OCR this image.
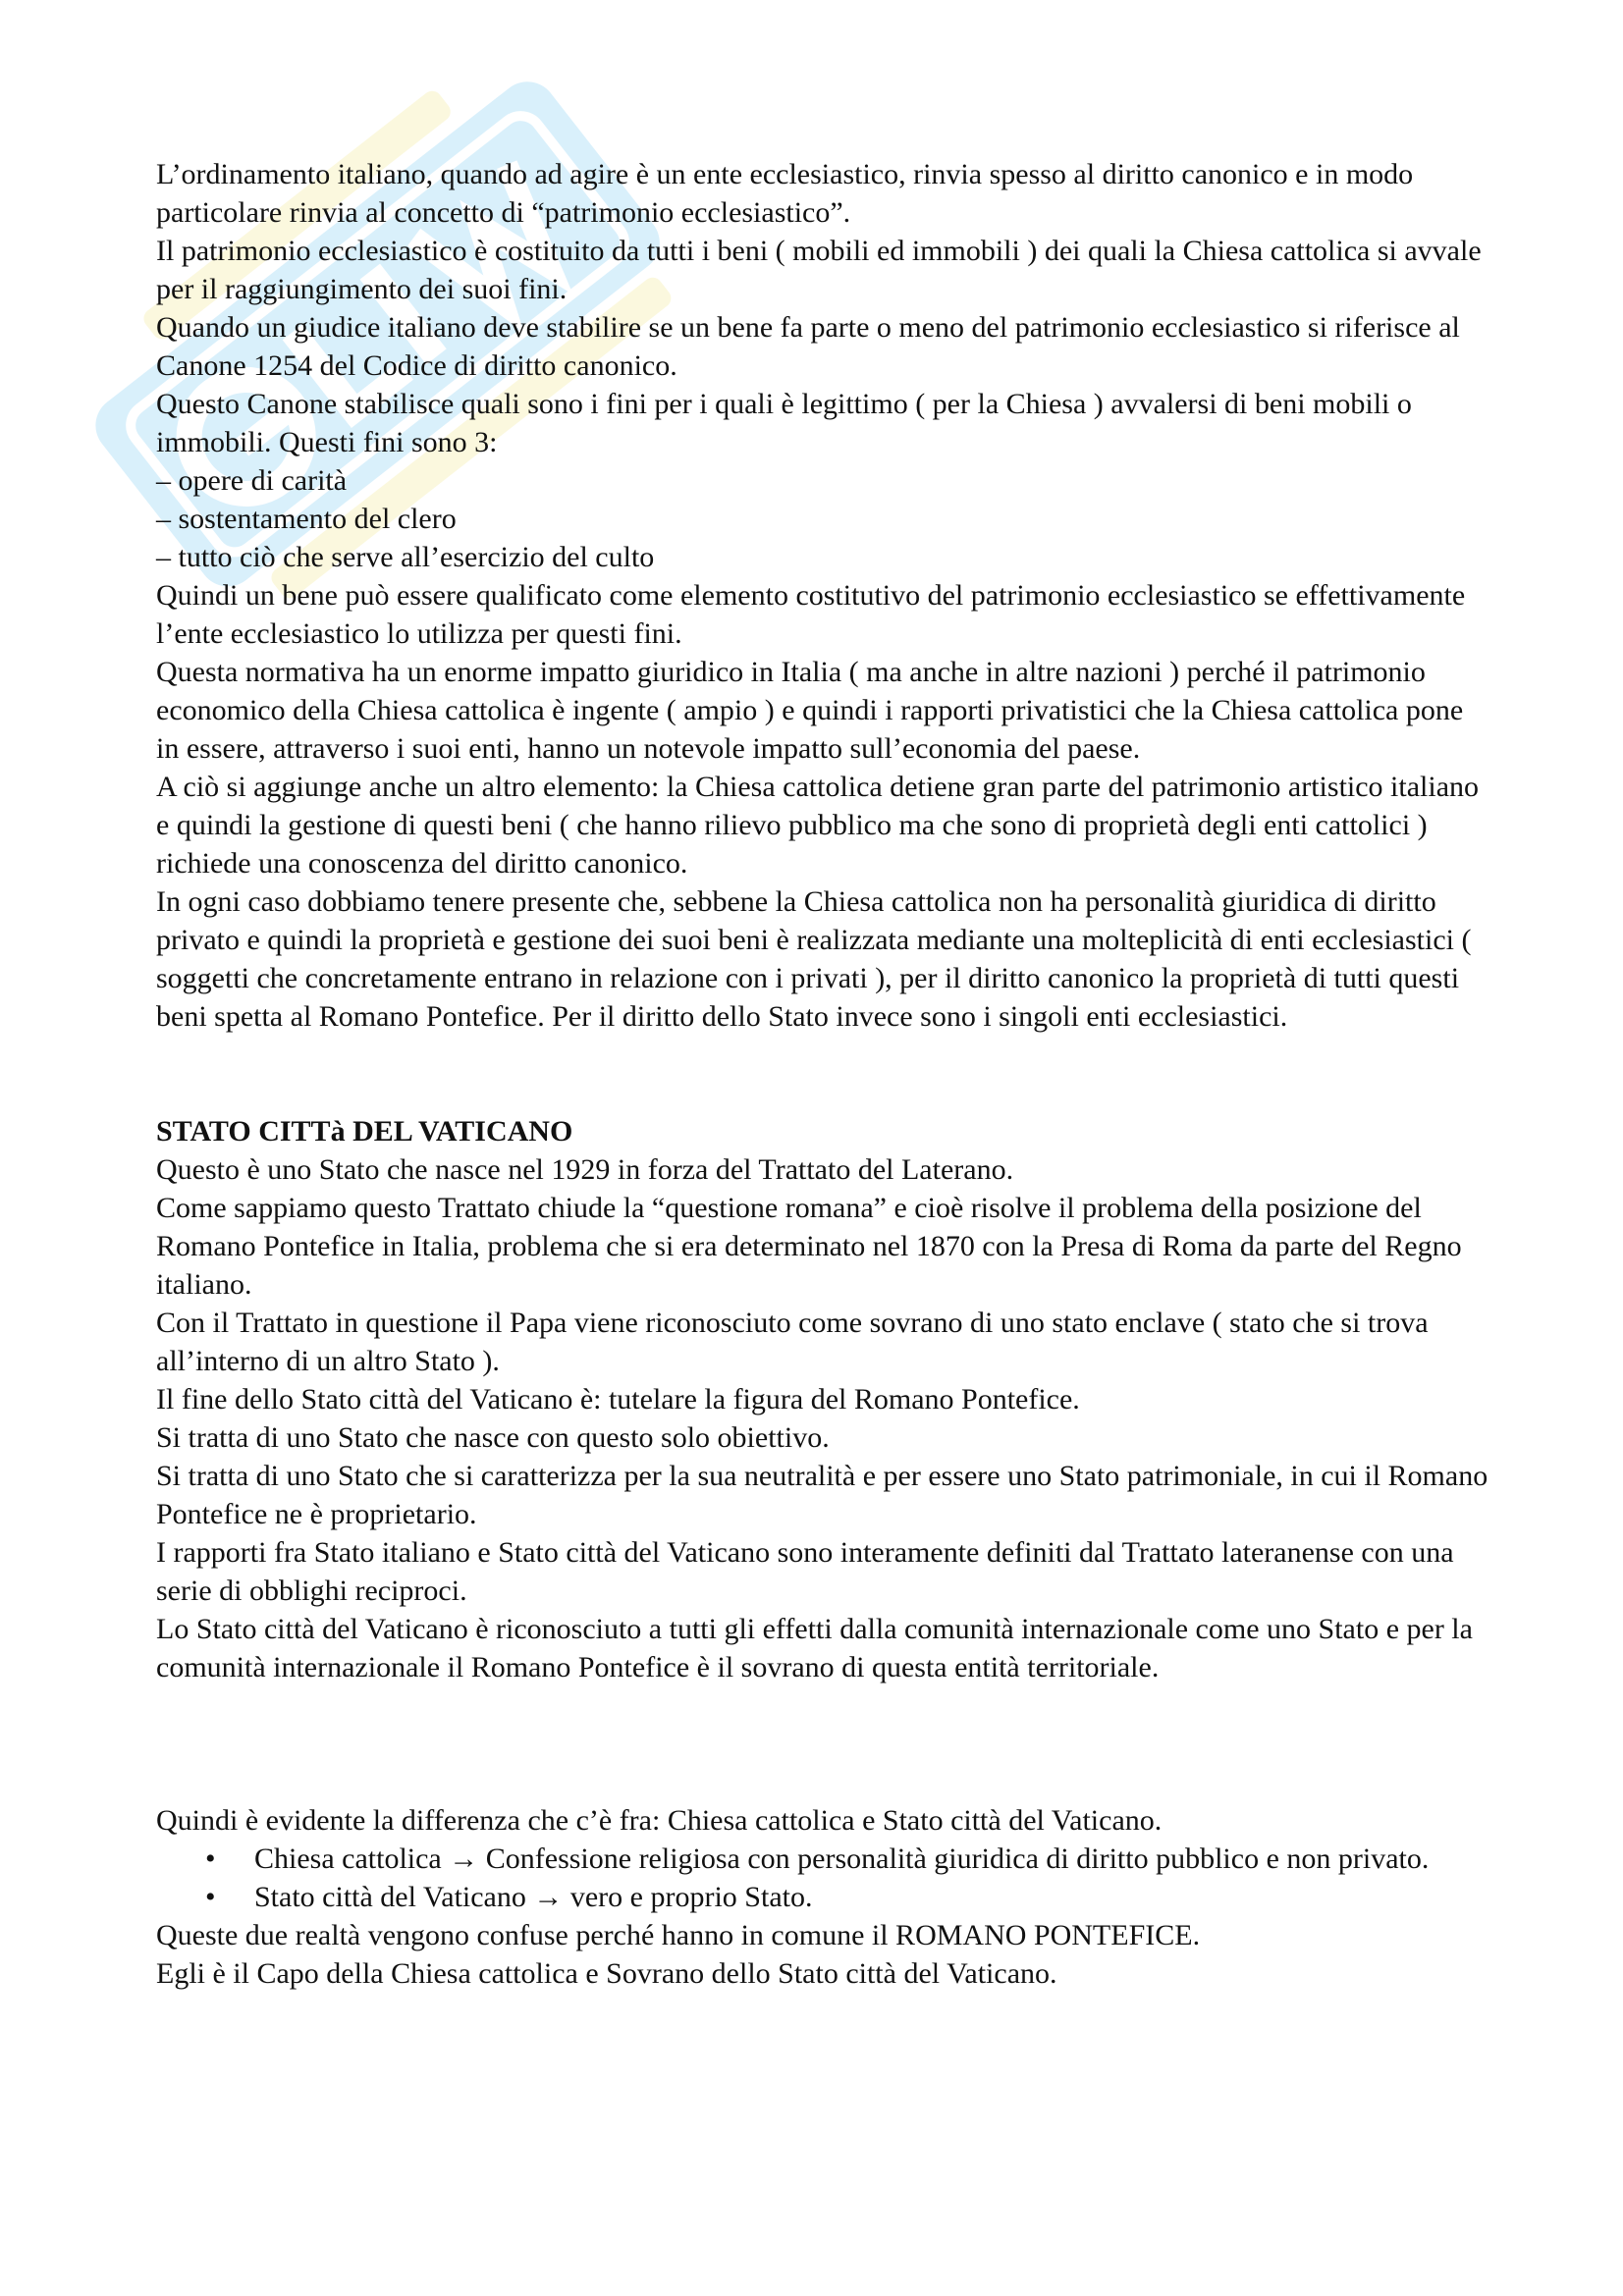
L’ordinamento italiano, quando ad agire è un ente ecclesiastico, rinvia spesso al diritto canonico e in modo particolare rinvia al concetto di “patrimonio ecclesiastico”.

Il patrimonio ecclesiastico è costituito da tutti i beni ( mobili ed immobili ) dei quali la Chiesa cattolica si avvale per il raggiungimento dei suoi fini.

Quando un giudice italiano deve stabilire se un bene fa parte o meno del patrimonio ecclesiastico si riferisce al Canone 1254 del Codice di diritto canonico.

Questo Canone stabilisce quali sono i fini per i quali è legittimo ( per la Chiesa ) avvalersi di beni mobili o immobili. Questi fini sono 3:

– opere di carità

– sostentamento del clero

– tutto ciò che serve all’esercizio del culto

Quindi un bene può essere qualificato come elemento costitutivo del patrimonio ecclesiastico se effettivamente l’ente ecclesiastico lo utilizza per questi fini.

Questa normativa ha un enorme impatto giuridico in Italia ( ma anche in altre nazioni ) perché il patrimonio economico della Chiesa cattolica è ingente ( ampio ) e quindi i rapporti privatistici che la Chiesa cattolica pone in essere, attraverso i suoi enti, hanno un notevole impatto sull’economia del paese.

A ciò si aggiunge anche un altro elemento: la Chiesa cattolica detiene gran parte del patrimonio artistico italiano e quindi la gestione di questi beni ( che hanno rilievo pubblico ma che sono di proprietà degli enti cattolici ) richiede una conoscenza del diritto canonico.

In ogni caso dobbiamo tenere presente che, sebbene la Chiesa cattolica non ha personalità giuridica di diritto privato e quindi la proprietà e gestione dei suoi beni è realizzata mediante una molteplicità di enti ecclesiastici ( soggetti che concretamente entrano in relazione con i privati ), per il diritto canonico la proprietà di tutti questi beni spetta al Romano Pontefice. Per il diritto dello Stato invece sono i singoli enti ecclesiastici.

STATO CITTà DEL VATICANO

Questo è uno Stato che nasce nel 1929 in forza del Trattato del Laterano.

Come sappiamo questo Trattato chiude la “questione romana” e cioè risolve il problema della posizione del Romano Pontefice in Italia, problema che si era determinato nel 1870 con la Presa di Roma da parte del Regno italiano.

Con il Trattato in questione il Papa viene riconosciuto come sovrano di uno stato enclave ( stato che si trova all’interno di un altro Stato ).

Il fine dello Stato città del Vaticano è: tutelare la figura del Romano Pontefice.

Si tratta di uno Stato che nasce con questo solo obiettivo.

Si tratta di uno Stato che si caratterizza per la sua neutralità e per essere uno Stato patrimoniale, in cui il Romano Pontefice ne è proprietario.

I rapporti fra Stato italiano e Stato città del Vaticano sono interamente definiti dal Trattato lateranense con una serie di obblighi reciproci.

Lo Stato città del Vaticano è riconosciuto a tutti gli effetti dalla comunità internazionale come uno Stato e per la comunità internazionale il Romano Pontefice è il sovrano di questa entità territoriale.

Quindi è evidente la differenza che c’è fra: Chiesa cattolica e Stato città del Vaticano.

• Chiesa cattolica → Confessione religiosa con personalità giuridica di diritto pubblico e non privato.
• Stato città del Vaticano → vero e proprio Stato.

Queste due realtà vengono confuse perché hanno in comune il ROMANO PONTEFICE.

Egli è il Capo della Chiesa cattolica e Sovrano dello Stato città del Vaticano.
